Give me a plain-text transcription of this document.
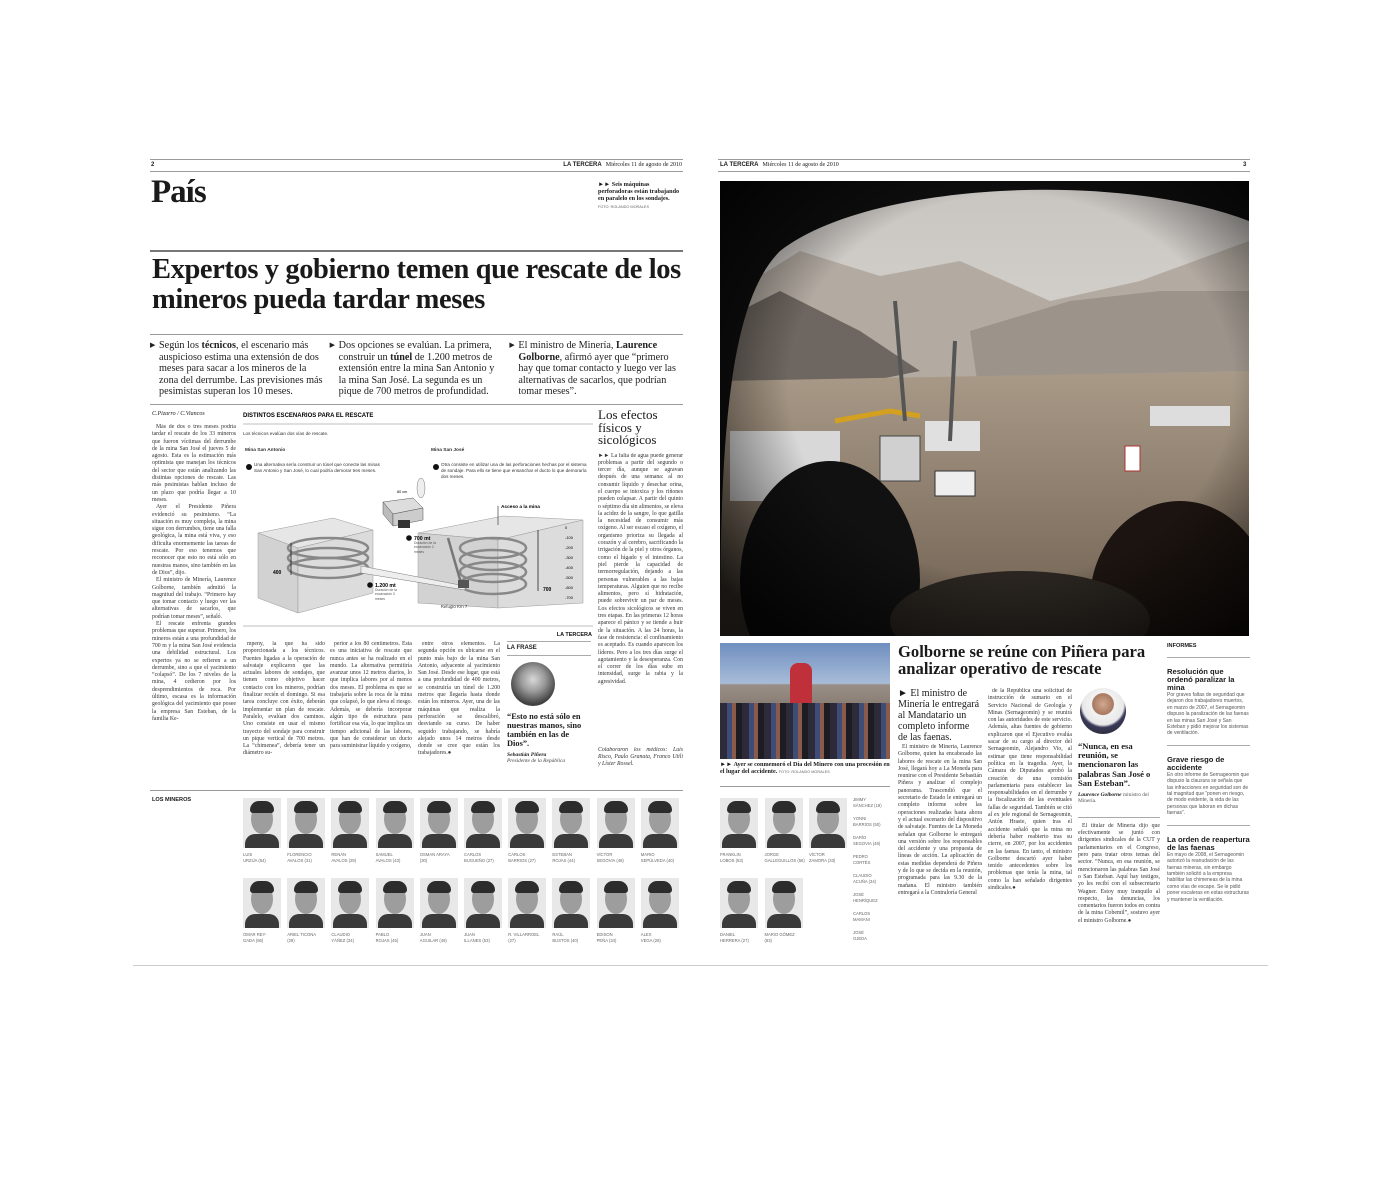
2	LA TERCERA Miércoles 11 de agosto de 2010
País	►► Seis máquinas perforadoras están trabajando en paralelo en los sondajes. FOTO: ROLANDO MORALES
Expertos y gobierno temen que rescate de los mineros pueda tardar meses
▶ Según los técnicos, el escenario más auspicioso estima una extensión de dos meses para sacar a los mineros de la zona del derrumbe. Las previsiones más pesimistas superan los 10 meses.
▶ Dos opciones se evalúan. La primera, construir un túnel de 1.200 metros de extensión entre la mina San Antonio y la mina San José. La segunda es un pique de 700 metros de profundidad.
▶ El ministro de Minería, Laurence Golborne, afirmó ayer que “primero hay que tomar contacto y luego ver las alternativas de sacarlos, que podrían tomar meses”.
C.Pizarro / C.Viancos

Más de dos o tres meses podría tardar el rescate de los 33 mineros que fueron víctimas del derrumbe de la mina San José el jueves 5 de agosto. Esta es la estimación más optimista que manejan los técnicos del sector que están analizando las distintas opciones de rescate. Las más pesimistas hablan incluso de un plazo que podría llegar a 10 meses.

Ayer el Presidente Piñera evidenció su pesimismo. “La situación es muy compleja, la mina sigue con derrumbes, tiene una falla geológica, la mina está viva, y eso dificulta enormemente las tareas de rescate. Por eso tenemos que reconocer que esto no está sólo en nuestras manos, sino también en las de Dios”, dijo.

El ministro de Minería, Laurence Golborne, también admitió la magnitud del trabajo. “Primero hay que tomar contacto y luego ver las alternativas de sacarlos, que podrían tomar meses”, señaló.

El rescate enfrenta grandes problemas que superar. Primero, los mineros están a una profundidad de 700 m y la mina San José evidencia una debilidad estructural. Los expertos ya no se refieren a un derrumbe, sino a que el yacimiento “colapsó”. De los 7 niveles de la mina, 4 cedieron por los desprendimientos de roca. Por último, escasa es la información geológica del yacimiento que posee la empresa San Esteban, de la familia Ke-

DISTINTOS ESCENARIOS PARA EL RESCATE
Los técnicos evalúan dos vías de rescate.
Mina San Antonio	Mina San José
Una alternativa sería construir un túnel que conecte las minas San Antonio y San José, lo cual podría demorar tres meses.
Otra consiste en utilizar una de las perforaciones hechas por el sistema de sondaje. Para ello se tiene que ensanchar el ducto lo que demoraría dos meses.
80 cm
400
700
Acceso a la mina
1.200 mt
Duración de la excavación 3 meses
700 mt
Duración de la excavación 2 meses
Refugio Km 7
0
-100
-200
-300
-400
-500
-600
-700
LA TERCERA

mpeny, la que ha sido proporcionada a los técnicos. Fuentes ligadas a la operación de salvataje explicaron que las actuales labores de sondajes, que tienen como objetivo hacer contacto con los mineros, podrían finalizar recién el domingo. Si esa tarea concluye con éxito, deberán implementar un plan de rescate. Paralelo, evalúan dos caminos. Uno consiste en usar el mismo trayecto del sondaje para construir un pique vertical de 700 metros. La “chimenea”, debería tener un diámetro su-

perior a los 80 centímetros. Esta es una iniciativa de rescate que nunca antes se ha realizado en el mundo. La alternativa permitiría avanzar unos 12 metros diarios, lo que implica labores por al menos dos meses. El problema es que se trabajaría sobre la roca de la mina que colapsó, lo que eleva el riesgo. Además, se debería incorporar algún tipo de estructura para fortificar esa vía, lo que implica un tiempo adicional de las labores, que han de considerar un ducto para suministrar líquido y oxígeno,

entre otros elementos. La segunda opción es ubicarse en el punto más bajo de la mina San Antonio, adyacente al yacimiento San José. Desde ese lugar, que está a una profundidad de 400 metros, se construiría un túnel de 1.200 metros que llegaría hasta donde están los mineros. Ayer, una de las máquinas que realiza la perforación se descalibró, desviando su curso. De haber seguido trabajando, se habría alejado unos 14 metros desde donde se cree que están los trabajadores.●

LA FRASE
“Esto no está sólo en nuestras manos, sino también en las de Dios”.
Sebastián Piñera
Presidente de la República
Los efectos físicos y sicológicos
►► La falta de agua puede generar problemas a partir del segundo o tercer día, aunque se agravan después de una semana: al no consumir líquido y desechar orina, el cuerpo se intoxica y los riñones pueden colapsar. A partir del quinto o séptimo día sin alimentos, se eleva la acidez de la sangre, lo que gatilla la necesidad de consumir más oxígeno. Al ser escaso el oxígeno, el organismo prioriza su llegada al corazón y al cerebro, sacrificando la irrigación de la piel y otros órganos, como el hígado y el intestino. La piel pierde la capacidad de termorregulación, dejando a las personas vulnerables a las bajas temperaturas. Alguien que no recibe alimentos, pero sí hidratación, puede sobrevivir un par de meses. Los efectos sicológicos se viven en tres etapas. En las primeras 12 horas aparece el pánico y se tiende a huir de la situación. A las 24 horas, la fase de resistencia: el confinamiento es aceptado. Es cuando aparecen los líderes. Pero a los tres días surge el agotamiento y la desesperanza. Con el correr de los días sube en intensidad, surge la rabia y la agresividad.
Colaboraron los médicos: Luis Risco, Paulo Granata, Franco Utili y Líster Rossel.
LOS MINEROS
LUIS
URZÚA (54)
FLORENCIO
AVALOS (31)
RENÁN
AVALOS (29)
SAMUEL
AVALOS (43)
OSMAN ARAYA
(30)
CARLOS
BUGUEÑO (27)
CARLOS
BARRIOS (27)
ESTEBAN
ROJAS (44)
VÍCTOR
SEGOVIA (48)
MARIO
SEPÚLVEDA (40)
OMAR REY-
GADA (56)
ARIEL TICONA
(29)
CLAUDIO
YÁÑEZ (34)
PABLO
ROJAS (45)
JUAN
AGUILAR (49)
JUAN
ILLANES (53)
R. VILLARROEL
(27)
RAÚL
BUSTOS (40)
EDISON
PEÑA (34)
ALEX
VEGA (28)
LA TERCERA Miércoles 11 de agosto de 2010	3
►► Ayer se conmemoró el Día del Minero con una procesión en el lugar del accidente. FOTO: ROLANDO MORALES
Golborne se reúne con Piñera para analizar operativo de rescate
► El ministro de Minería le entregará al Mandatario un completo informe de las faenas.

El ministro de Minería, Laurence Golborne, quien ha encabezado las labores de rescate en la mina San José, llegará hoy a La Moneda para reunirse con el Presidente Sebastián Piñera y analizar el complejo panorama. Trascendió que el secretario de Estado le entregará un completo informe sobre las operaciones realizadas hasta ahora y el actual escenario del dispositivo de salvataje. Fuentes de La Moneda señalan que Golborne le entregará una versión sobre los responsables del accidente y una propuesta de líneas de acción. La aplicación de estas medidas dependerá de Piñera y de lo que se decida en la reunión, programada para las 9.30 de la mañana. El ministro también entregará a la Contraloría General

de la República una solicitud de instrucción de sumario en el Servicio Nacional de Geología y Minas (Sernageomin) y se reunirá con las autoridades de este servicio. Además, altas fuentes de gobierno explicaron que el Ejecutivo evalúa sacar de su cargo al director del Sernageomin, Alejandro Vio, al estimar que tiene responsabilidad política en la tragedia. Ayer, la Cámara de Diputados aprobó la creación de una comisión parlamentaria para establecer las responsabilidades en el derrumbe y la fiscalización de las eventuales fallas de seguridad. También se citó al ex jefe regional de Sernageomin, Antón Hraste, quien tras el accidente señaló que la mina no debería haber reabierto tras su cierre, en 2007, por los accidentes en las faenas. En tanto, el ministro Golborne descartó ayer haber tenido antecedentes sobre los problemas que tenía la mina, tal como la han señalado dirigentes sindicales.●

“Nunca, en esa reunión, se mencionaron las palabras San José o San Esteban”.
Laurence Golborne ministro del Minería.

El titular de Minería dijo que efectivamente se juntó con dirigentes sindicales de la CUT y parlamentarios en el Congreso, pero para tratar otros temas del sector. “Nunca, en esa reunión, se mencionaron las palabras San José o San Esteban. Aquí hay testigos, yo les recibí con el subsecretario Wagner. Estoy muy tranquilo al respecto, las denuncias, los comentarios fueron todos en contra de la mina Cobemil”, sostuvo ayer el ministro Golborne.●

INFORMES
Resolución que ordenó paralizar la mina

Por graves faltas de seguridad que dejaron dos trabajadores muertos, en marzo de 2007, el Sernageomin dispuso la paralización de las faenas en las minas San José y San Esteban y pidió mejorar los sistemas de ventilación.

Grave riesgo de accidente

En otro informe de Sernageomin que dispuso la clausura se señala que las infracciones en seguridad son de tal magnitud que “ponen en riesgo, de modo evidente, la vida de las personas que laboran en dichas faenas”.

La orden de reapertura de las faenas

En mayo de 2008, el Sernageomin autorizó la reanudación de las faenas mineras, sin embargo también solicitó a la empresa habilitar las chimeneas de la mina como vías de escape. Se le pidió poner escaleras en estas estructuras y mantener la ventilación.

FRANKLIN
LOBOS (53)
JORGE
GALLEGUILLOS (56)
VÍCTOR
ZAMORA (33)
DANIEL
HERRERA (27)
MARIO GÓMEZ
(63)
JIMMY
SÁNCHEZ (19)
YONNI
BARRIOS (50)
DARÍO
SEGOVIA (48)
PEDRO
CORTÉS
CLAUDIO
ACUÑA (34)
JOSÉ
HENRÍQUEZ
CARLOS
MAMANI
JOSÉ
OJEDA
